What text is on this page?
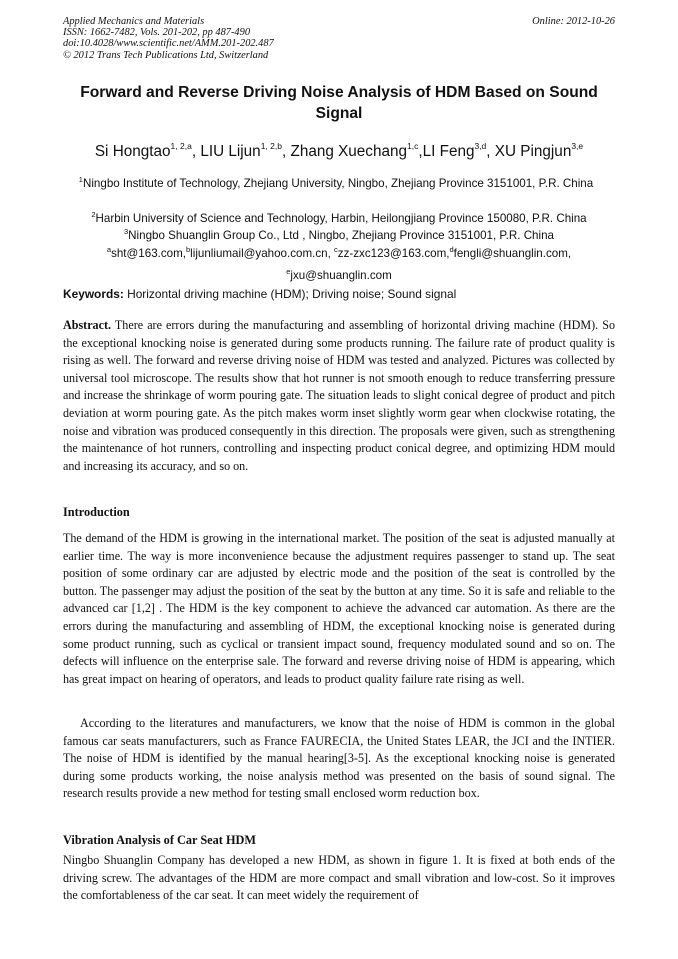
Online: 2012-10-26
Applied Mechanics and Materials
ISSN: 1662-7482, Vols. 201-202, pp 487-490
doi:10.4028/www.scientific.net/AMM.201-202.487
© 2012 Trans Tech Publications Ltd, Switzerland
Forward and Reverse Driving Noise Analysis of HDM Based on Sound Signal
Si Hongtao$^{1, 2,a}$, LIU Lijun$^{1, 2,b}$, Zhang Xuechang$^{1,c}$,LI Feng$^{3,d}$, XU Pingjun$^{3,e}$
$^1$Ningbo Institute of Technology, Zhejiang University, Ningbo, Zhejiang Province 3151001, P.R. China
$^2$Harbin University of Science and Technology, Harbin, Heilongjiang Province 150080, P.R. China
$^3$Ningbo Shuanglin Group Co., Ltd , Ningbo, Zhejiang Province 3151001, P.R. China
$^a$sht@163.com,$^b$lijunliumail@yahoo.com.cn, $^c$zz-zxc123@163.com,$^d$fengli@shuanglin.com, $^e$jxu@shuanglin.com
Keywords: Horizontal driving machine (HDM); Driving noise; Sound signal
Abstract. There are errors during the manufacturing and assembling of horizontal driving machine (HDM). So the exceptional knocking noise is generated during some products running. The failure rate of product quality is rising as well. The forward and reverse driving noise of HDM was tested and analyzed. Pictures was collected by universal tool microscope. The results show that hot runner is not smooth enough to reduce transferring pressure and increase the shrinkage of worm pouring gate. The situation leads to slight conical degree of product and pitch deviation at worm pouring gate. As the pitch makes worm inset slightly worm gear when clockwise rotating, the noise and vibration was produced consequently in this direction. The proposals were given, such as strengthening the maintenance of hot runners, controlling and inspecting product conical degree, and optimizing HDM mould and increasing its accuracy, and so on.
Introduction
The demand of the HDM is growing in the international market. The position of the seat is adjusted manually at earlier time. The way is more inconvenience because the adjustment requires passenger to stand up. The seat position of some ordinary car are adjusted by electric mode and the position of the seat is controlled by the button. The passenger may adjust the position of the seat by the button at any time. So it is safe and reliable to the advanced car [1,2] . The HDM is the key component to achieve the advanced car automation. As there are the errors during the manufacturing and assembling of HDM, the exceptional knocking noise is generated during some product running, such as cyclical or transient impact sound, frequency modulated sound and so on. The defects will influence on the enterprise sale. The forward and reverse driving noise of HDM is appearing, which has great impact on hearing of operators, and leads to product quality failure rate rising as well.
According to the literatures and manufacturers, we know that the noise of HDM is common in the global famous car seats manufacturers, such as France FAURECIA, the United States LEAR, the JCI and the INTIER. The noise of HDM is identified by the manual hearing[3-5]. As the exceptional knocking noise is generated during some products working, the noise analysis method was presented on the basis of sound signal. The research results provide a new method for testing small enclosed worm reduction box.
Vibration Analysis of Car Seat HDM
Ningbo Shuanglin Company has developed a new HDM, as shown in figure 1. It is fixed at both ends of the driving screw. The advantages of the HDM are more compact and small vibration and low-cost. So it improves the comfortableness of the car seat. It can meet widely the requirement of
